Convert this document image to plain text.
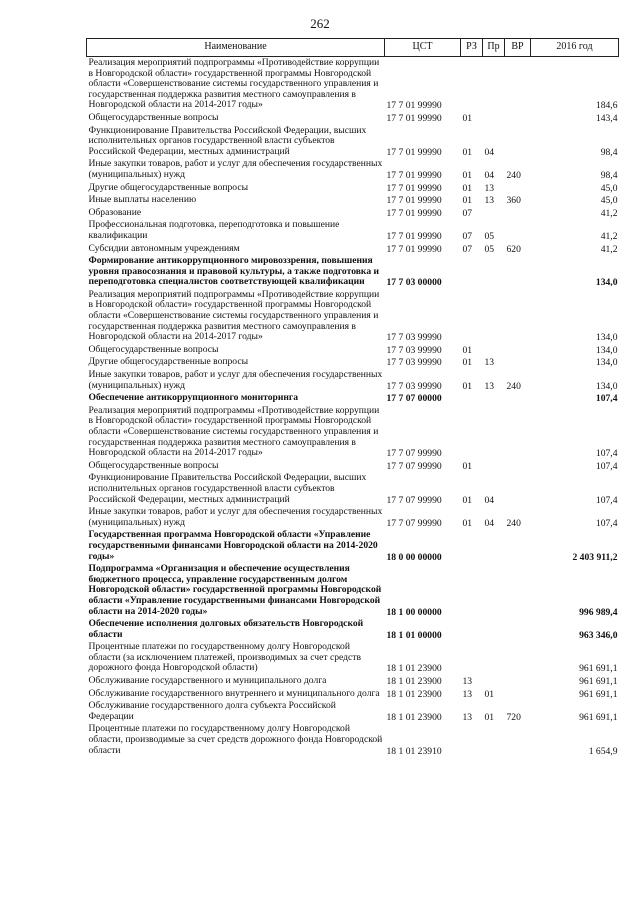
262
Наименование	ЦСТ	РЗ	Пр	ВР	2016 год
Реализация мероприятий подпрограммы «Противодействие коррупции в Новгородской области» государственной программы Новгородской области «Совершенствование системы государственного управления и государственная поддержка развития местного самоуправления в Новгородской области на 2014-2017 годы»	17 7 01 99990				184,6
Общегосударственные вопросы	17 7 01 99990	01			143,4
Функционирование Правительства Российской Федерации, высших исполнительных органов государственной власти субъектов Российской Федерации, местных администраций	17 7 01 99990	01	04		98,4
Иные закупки товаров, работ и услуг для обеспечения государственных (муниципальных) нужд	17 7 01 99990	01	04	240	98,4
Другие общегосударственные вопросы	17 7 01 99990	01	13		45,0
Иные выплаты населению	17 7 01 99990	01	13	360	45,0
Образование	17 7 01 99990	07			41,2
Профессиональная подготовка, переподготовка и повышение квалификации	17 7 01 99990	07	05		41,2
Субсидии автономным учреждениям	17 7 01 99990	07	05	620	41,2
Формирование антикоррупционного мировоззрения, повышения уровня правосознания и правовой культуры, а также подготовка и переподготовка специалистов соответствующей квалификации	17 7 03 00000				134,0
Реализация мероприятий подпрограммы «Противодействие коррупции в Новгородской области» государственной программы Новгородской области «Совершенствование системы государственного управления и государственная поддержка развития местного самоуправления в Новгородской области на 2014-2017 годы»	17 7 03 99990				134,0
Общегосударственные вопросы	17 7 03 99990	01			134,0
Другие общегосударственные вопросы	17 7 03 99990	01	13		134,0
Иные закупки товаров, работ и услуг для обеспечения государственных (муниципальных) нужд	17 7 03 99990	01	13	240	134,0
Обеспечение антикоррупционного мониторинга	17 7 07 00000				107,4
Реализация мероприятий подпрограммы «Противодействие коррупции в Новгородской области» государственной программы Новгородской области «Совершенствование системы государственного управления и государственная поддержка развития местного самоуправления в Новгородской области на 2014-2017 годы»	17 7 07 99990				107,4
Общегосударственные вопросы	17 7 07 99990	01			107,4
Функционирование Правительства Российской Федерации, высших исполнительных органов государственной власти субъектов Российской Федерации, местных администраций	17 7 07 99990	01	04		107,4
Иные закупки товаров, работ и услуг для обеспечения государственных (муниципальных) нужд	17 7 07 99990	01	04	240	107,4
Государственная программа Новгородской области «Управление государственными финансами Новгородской области на 2014-2020 годы»	18 0 00 00000				2 403 911,2
Подпрограмма «Организация и обеспечение осуществления бюджетного процесса, управление государственным долгом Новгородской области» государственной программы Новгородской области «Управление государственными финансами Новгородской области на 2014-2020 годы»	18 1 00 00000				996 989,4
Обеспечение исполнения долговых обязательств Новгородской области	18 1 01 00000				963 346,0
Процентные платежи по государственному долгу Новгородской области (за исключением платежей, производимых за счет средств дорожного фонда Новгородской области)	18 1 01 23900				961 691,1
Обслуживание государственного и муниципального долга	18 1 01 23900	13			961 691,1
Обслуживание государственного внутреннего и муниципального долга	18 1 01 23900	13	01		961 691,1
Обслуживание государственного долга субъекта Российской Федерации	18 1 01 23900	13	01	720	961 691,1
Процентные платежи по государственному долгу Новгородской области, производимые за счет средств дорожного фонда Новгородской области	18 1 01 23910				1 654,9
